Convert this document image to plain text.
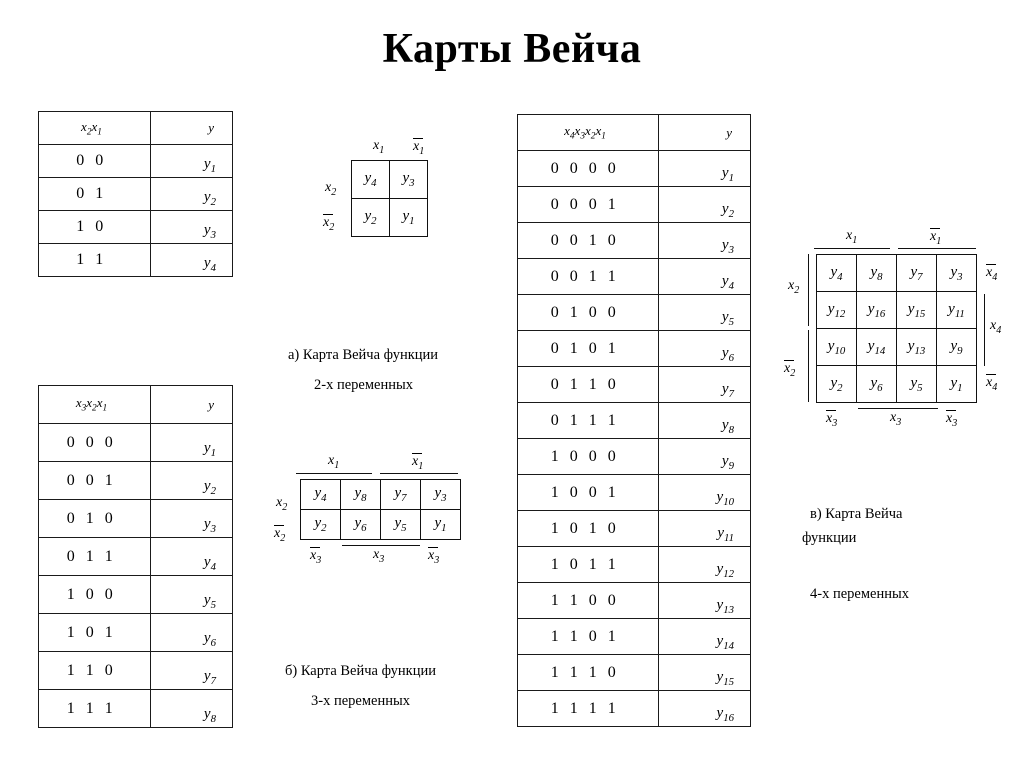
Карты Вейча
$x_2x_1$	y
0 0	$y_1$
0 1	$y_2$
1 0	$y_3$
1 1	$y_4$
$x_3x_2x_1$	y
0 0 0	$y_1$
0 0 1	$y_2$
0 1 0	$y_3$
0 1 1	$y_4$
1 0 0	$y_5$
1 0 1	$y_6$
1 1 0	$y_7$
1 1 1	$y_8$
$x_4x_3x_2x_1$	y
0 0 0 0	$y_1$
0 0 0 1	$y_2$
0 0 1 0	$y_3$
0 0 1 1	$y_4$
0 1 0 0	$y_5$
0 1 0 1	$y_6$
0 1 1 0	$y_7$
0 1 1 1	$y_8$
1 0 0 0	$y_9$
1 0 0 1	$y_{10}$
1 0 1 0	$y_{11}$
1 0 1 1	$y_{12}$
1 1 0 0	$y_{13}$
1 1 0 1	$y_{14}$
1 1 1 0	$y_{15}$
1 1 1 1	$y_{16}$
$x_1$ $x_1$
$x_2$
$x_2$
$y_4$	$y_3$
$y_2$	$y_1$
$x_1$	$x_1$
$x_2$
$x_2$
$y_4$	$y_8$	$y_7$	$y_3$
$y_2$	$y_6$	$y_5$	$y_1$
$x_3$	$x_3$	$x_3$
$x_1$	$x_1$
$x_2$
$x_2$
$y_4$	$y_8$	$y_7$	$y_3$
$y_{12}$	$y_{16}$	$y_{15}$	$y_{11}$
$y_{10}$	$y_{14}$	$y_{13}$	$y_9$
$y_2$	$y_6$	$y_5$	$y_1$
$x_4$
$x_4$
$x_4$
$x_3$	$x_3$	$x_3$

а) Карта Вейча функции

2-х переменных

б) Карта Вейча функции

3-х переменных

в) Карта Вейча

функции

4-х переменных
